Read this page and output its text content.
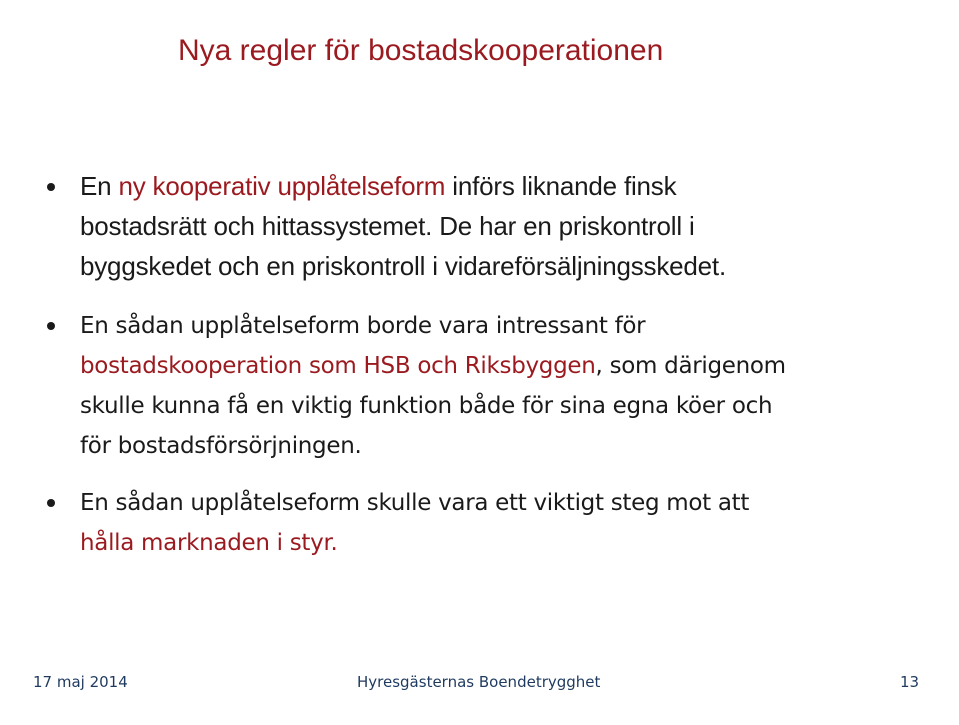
Nya regler för bostadskooperationen
En ny kooperativ upplåtelseform införs liknande finsk
bostadsrätt och hittassystemet. De har en priskontroll i
byggskedet och en priskontroll i vidareförsäljningsskedet.
En sådan upplåtelseform borde vara intressant för
bostadskooperation som HSB och Riksbyggen, som därigenom
skulle kunna få en viktig funktion både för sina egna köer och
för bostadsförsörjningen.
En sådan upplåtelseform skulle vara ett viktigt steg mot att
hålla marknaden i styr.
17 maj 2014	Hyresgästernas Boendetrygghet	13
